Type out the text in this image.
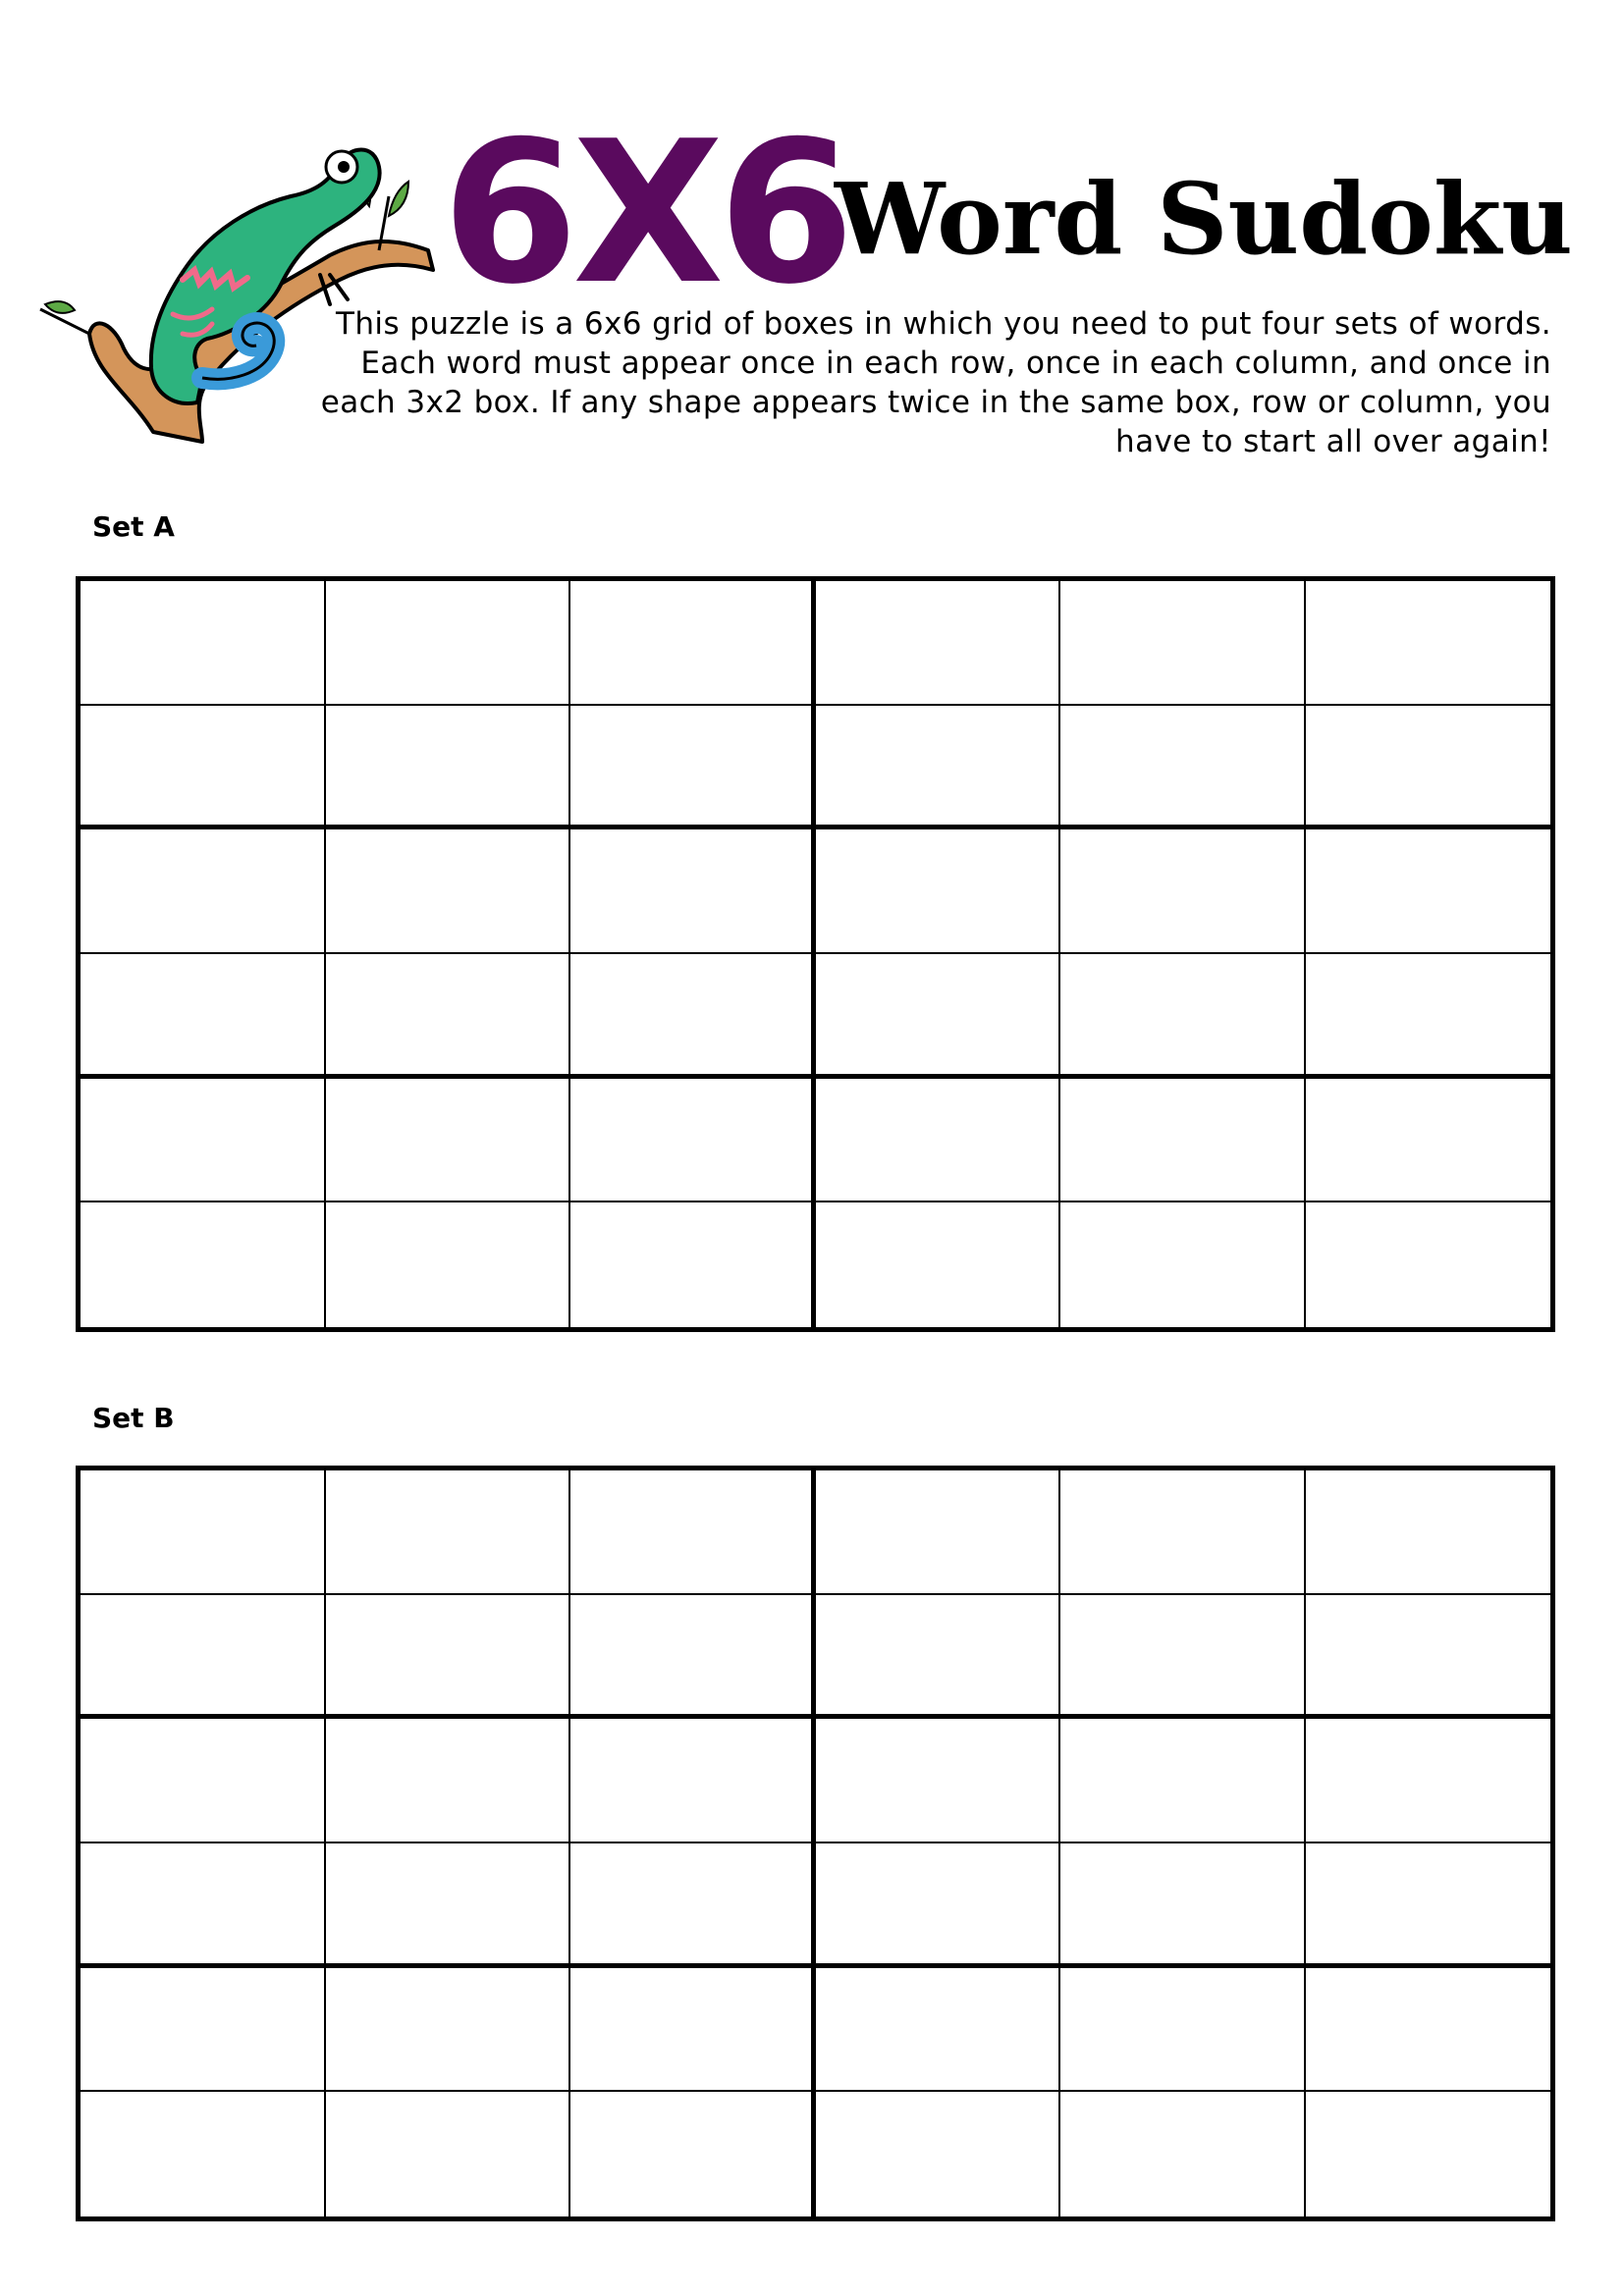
6X6
Word Sudoku

This puzzle is a 6x6 grid of boxes in which you need to put four sets of words. Each word must appear once in each row, once in each column, and once in each 3x2 box. If any shape appears twice in the same box, row or column, you have to start all over again!

Set A
Set B
